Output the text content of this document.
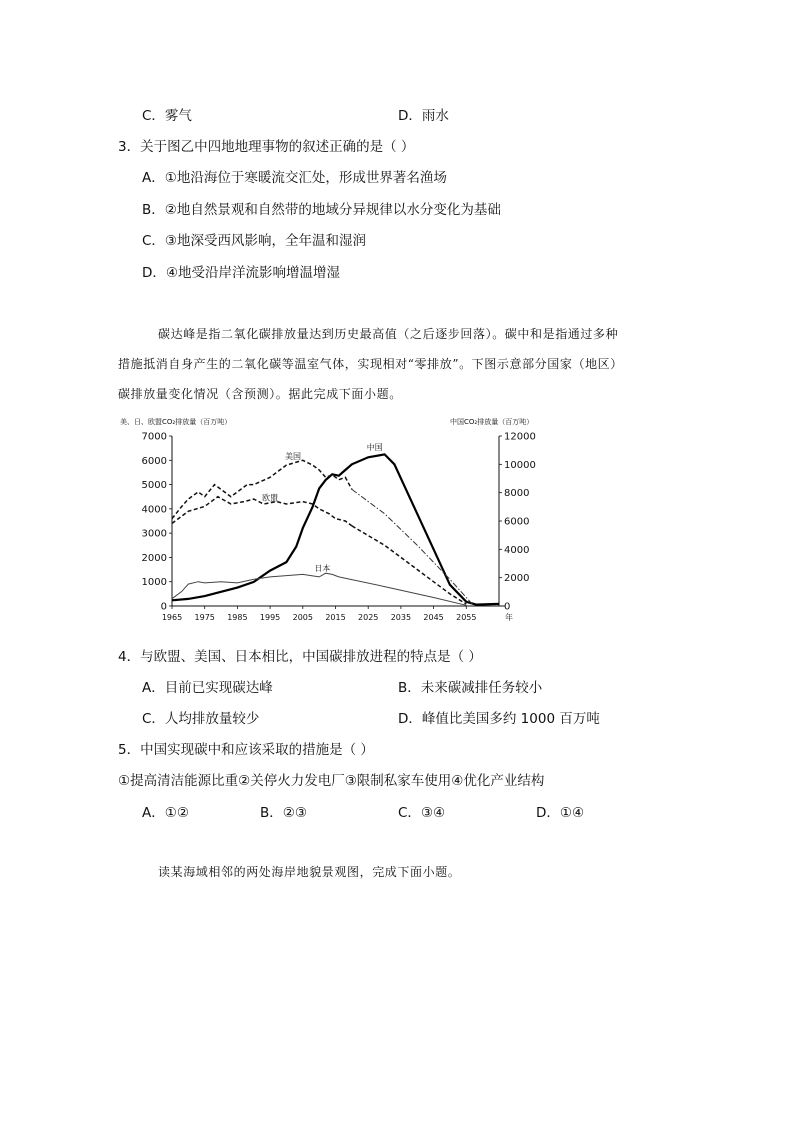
C．雾气	D．雨水
3．关于图乙中四地地理事物的叙述正确的是（ ）
A．①地沿海位于寒暖流交汇处，形成世界著名渔场
B．②地自然景观和自然带的地域分异规律以水分变化为基础
C．③地深受西风影响，全年温和湿润
D．④地受沿岸洋流影响增温增湿
碳达峰是指二氧化碳排放量达到历史最高值（之后逐步回落）。碳中和是指通过多种
措施抵消自身产生的二氧化碳等温室气体，实现相对“零排放”。下图示意部分国家（地区）
碳排放量变化情况（含预测）。据此完成下面小题。
美、日、欧盟CO₂排放量（百万吨）	中国CO₂排放量（百万吨）
0
1000
2000
3000
4000
5000
6000
7000
0
2000
4000
6000
8000
10000
12000
1965 1975 1985 1995 2005 2015 2025 2035 2045 2055	年
中国
美国
欧盟
日本
4．与欧盟、美国、日本相比，中国碳排放进程的特点是（ ）
A．目前已实现碳达峰	B．未来碳减排任务较小
C．人均排放量较少	D．峰值比美国多约 1000 百万吨
5．中国实现碳中和应该采取的措施是（ ）
①提高清洁能源比重②关停火力发电厂③限制私家车使用④优化产业结构
A．①②	B．②③	C．③④	D．①④
读某海域相邻的两处海岸地貌景观图，完成下面小题。
